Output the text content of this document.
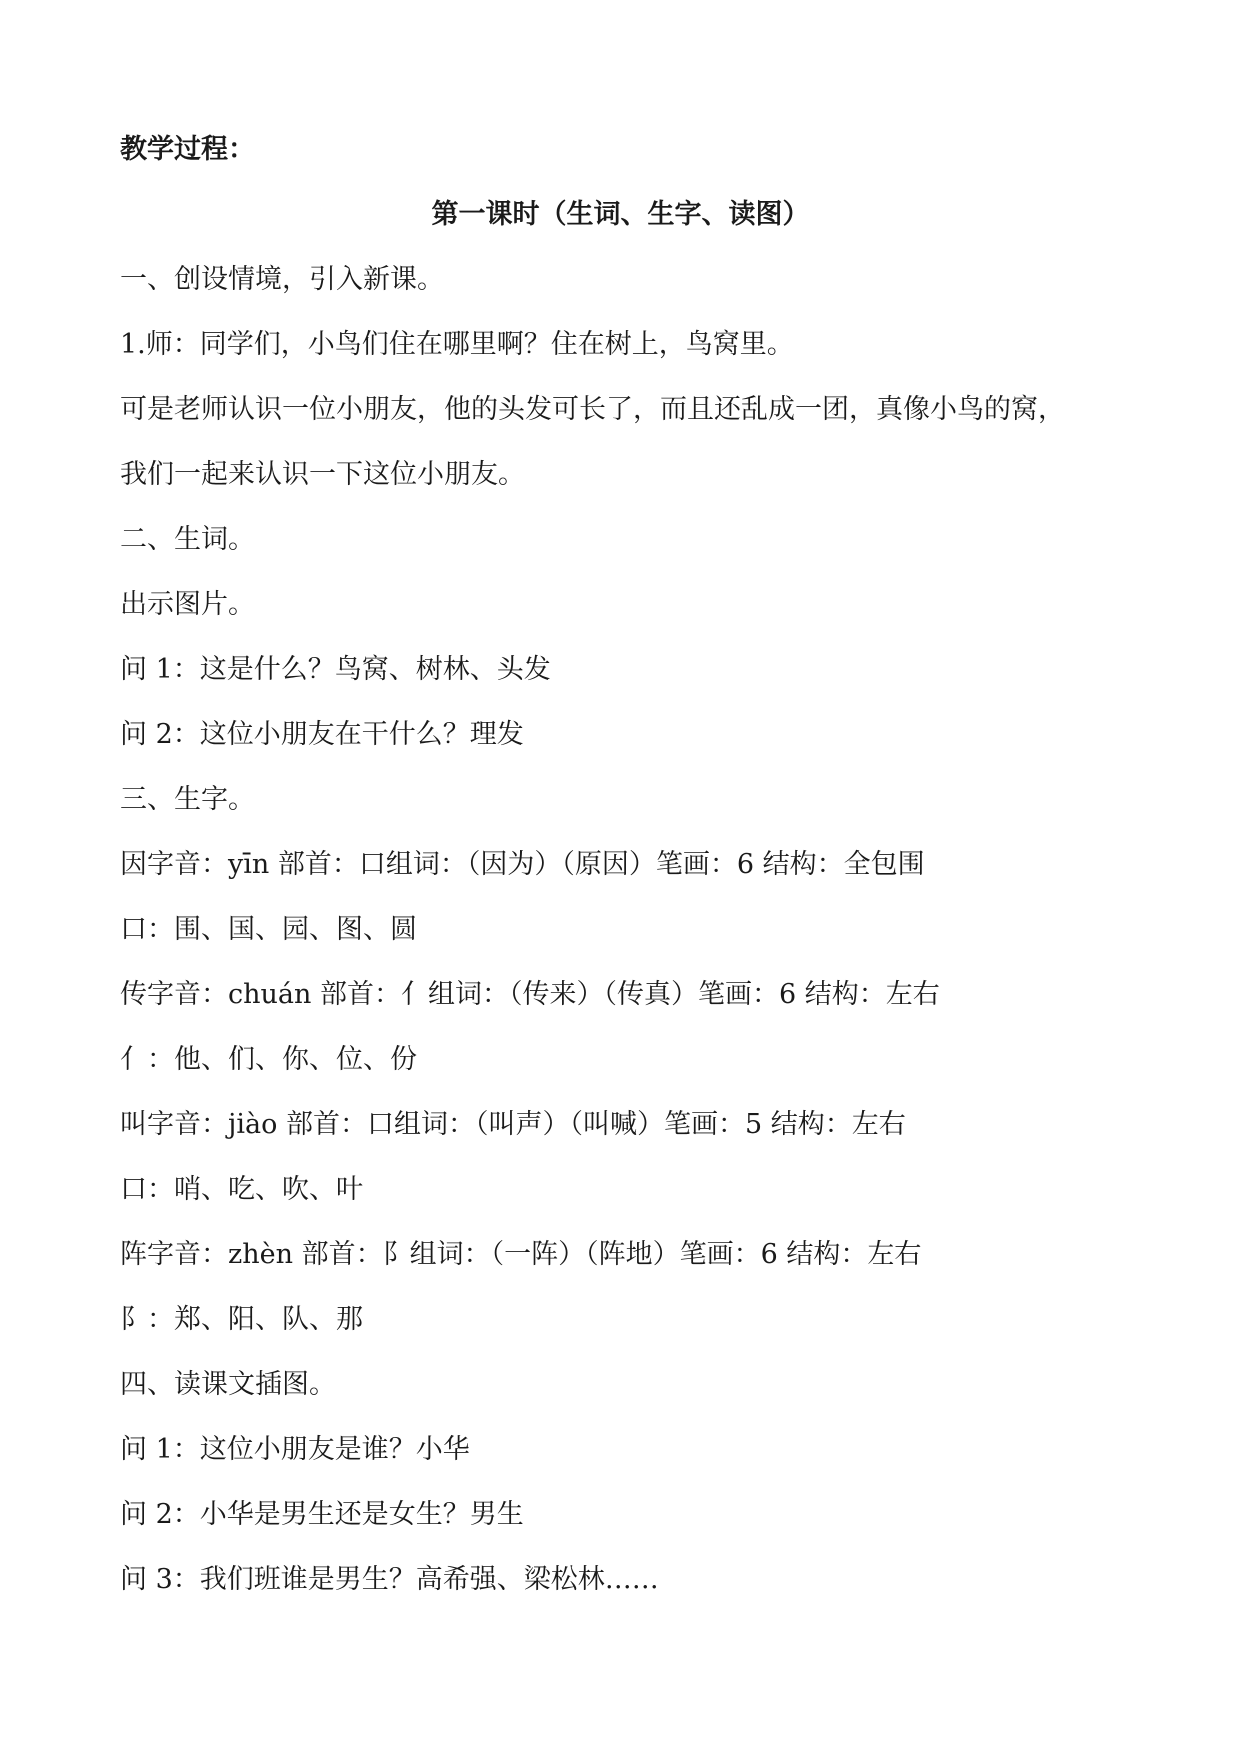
教学过程：
第一课时（生词、生字、读图）
一、创设情境，引入新课。
1.师：同学们，小鸟们住在哪里啊？住在树上，鸟窝里。
可是老师认识一位小朋友，他的头发可长了，而且还乱成一团，真像小鸟的窝，
我们一起来认识一下这位小朋友。
二、生词。
出示图片。
问 1：这是什么？鸟窝、树林、头发
问 2：这位小朋友在干什么？理发
三、生字。
因字音：yīn 部首：口组词：（因为）（原因）笔画：6 结构：全包围
口：围、国、园、图、圆
传字音：chuán 部首：亻组词：（传来）（传真）笔画：6 结构：左右
亻：他、们、你、位、份
叫字音：jiào 部首：口组词：（叫声）（叫喊）笔画：5 结构：左右
口：哨、吃、吹、叶
阵字音：zhèn 部首：阝组词：（一阵）（阵地）笔画：6 结构：左右
阝：郑、阳、队、那
四、读课文插图。
问 1：这位小朋友是谁？小华
问 2：小华是男生还是女生？男生
问 3：我们班谁是男生？高希强、梁松林……
